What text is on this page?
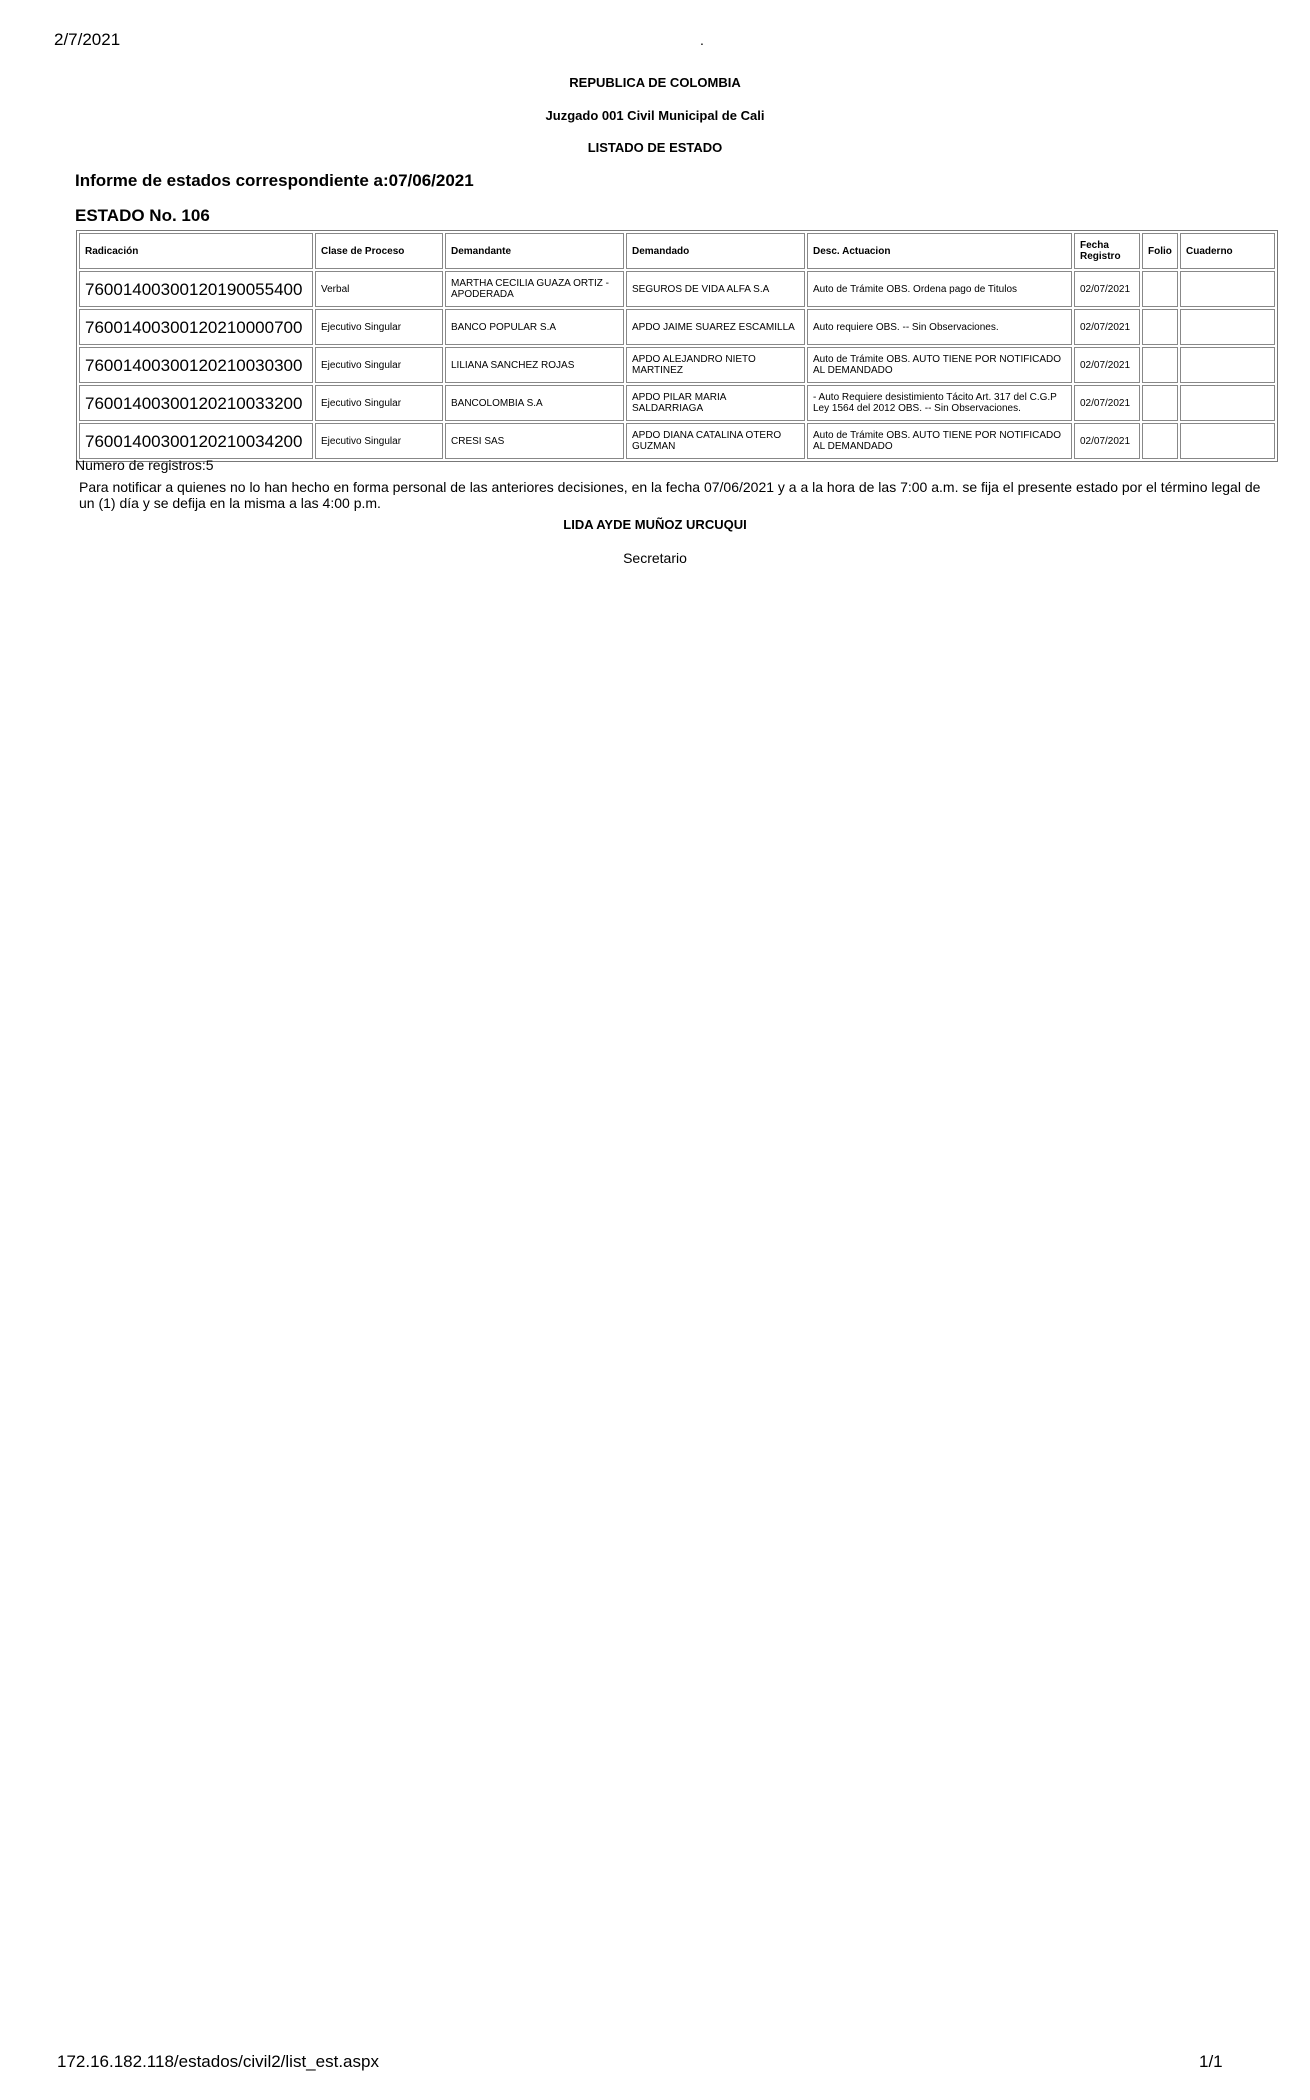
2/7/2021	.
REPUBLICA DE COLOMBIA
Juzgado 001 Civil Municipal de Cali
LISTADO DE ESTADO
Informe de estados correspondiente a:07/06/2021
ESTADO No. 106
Radicación	Clase de Proceso	Demandante	Demandado	Desc. Actuacion	Fecha Registro	Folio	Cuaderno
76001400300120190055400	Verbal	MARTHA CECILIA GUAZA ORTIZ - APODERADA	SEGUROS DE VIDA ALFA S.A	Auto de Trámite OBS. Ordena pago de Titulos	02/07/2021		
76001400300120210000700	Ejecutivo Singular	BANCO POPULAR S.A	APDO JAIME SUAREZ ESCAMILLA	Auto requiere OBS. -- Sin Observaciones.	02/07/2021		
76001400300120210030300	Ejecutivo Singular	LILIANA SANCHEZ ROJAS	APDO ALEJANDRO NIETO MARTINEZ	Auto de Trámite OBS. AUTO TIENE POR NOTIFICADO AL DEMANDADO	02/07/2021		
76001400300120210033200	Ejecutivo Singular	BANCOLOMBIA S.A	APDO PILAR MARIA SALDARRIAGA	- Auto Requiere desistimiento Tácito Art. 317 del C.G.P Ley 1564 del 2012 OBS. -- Sin Observaciones.	02/07/2021		
76001400300120210034200	Ejecutivo Singular	CRESI SAS	APDO DIANA CATALINA OTERO GUZMAN	Auto de Trámite OBS. AUTO TIENE POR NOTIFICADO AL DEMANDADO	02/07/2021		
Numero de registros:5
Para notificar a quienes no lo han hecho en forma personal de las anteriores decisiones, en la fecha 07/06/2021 y a a la hora de las 7:00 a.m. se fija el presente estado por el término legal de
un (1) día y se defija en la misma a las 4:00 p.m.
LIDA AYDE MUÑOZ URCUQUI
Secretario
172.16.182.118/estados/civil2/list_est.aspx	1/1
